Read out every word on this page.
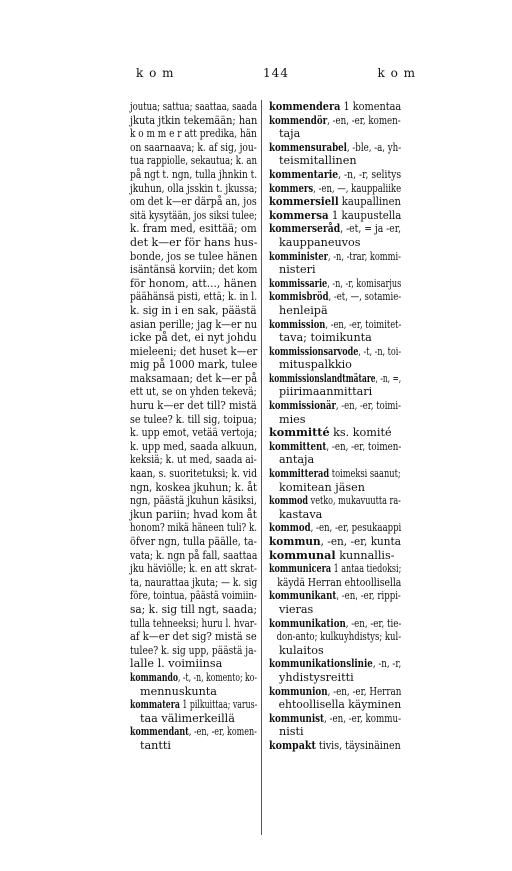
k o m	144	k o m
joutua; sattua; saattaa, saada
jkuta jtkin tekemään; han
k o m m e r att predika, hän
on saarnaava; k. af sig, jou-
tua rappiolle, sekautua; k. an
på ngt t. ngn, tulla jhnkin t.
jkuhun, olla jsskin t. jkussa;
om det k—er därpå an, jos
sitä kysytään, jos siksi tulee;
k. fram med, esittää; om
det k—er för hans hus-
bonde, jos se tulee hänen
isäntänsä korviin; det kom
för honom, att..., hänen
päähänsä pisti, että; k. in l.
k. sig in i en sak, päästä
asian perille; jag k—er nu
icke på det, ei nyt johdu
mieleeni; det huset k—er
mig på 1000 mark, tulee
maksamaan; det k—er på
ett ut, se on yhden tekevä;
huru k—er det till? mistä
se tulee? k. till sig, toipua;
k. upp emot, vetää vertoja;
k. upp med, saada alkuun,
keksiä; k. ut med, saada ai-
kaan, s. suoritetuksi; k. vid
ngn, koskea jkuhun; k. åt
ngn, päästä jkuhun käsiksi,
jkun pariin; hvad kom åt
honom? mikä häneen tuli? k.
öfver ngn, tulla päälle, ta-
vata; k. ngn på fall, saattaa
jku häviölle; k. en att skrat-
ta, naurattaa jkuta; — k. sig
före, tointua, päästä voimiin-
sa; k. sig till ngt, saada;
tulla tehneeksi; huru l. hvar-
af k—er det sig? mistä se
tulee? k. sig upp, päästä ja-
lalle l. voimiinsa
kommando, -t, -n, komento; ko-
mennuskunta
kommatera 1 pilkuittaa; varus-
taa välimerkeillä
kommendant, -en, -er, komen-
tantti
kommendera 1 komentaa
kommendör, -en, -er, komen-
taja
kommensurabel, -ble, -a, yh-
teismitallinen
kommentarie, -n, -r, selitys
kommers, -en, —, kauppaliike
kommersiell kaupallinen
kommersa 1 kaupustella
kommerseråd, -et, = ja -er,
kauppaneuvos
komminister, -n, -trar, kommi-
nisteri
kommissarie, -n, -r, komisarjus
kommisbröd, -et, —, sotamie-
henleipä
kommission, -en, -er, toimitet-
tava; toimikunta
kommissionsarvode, -t, -n, toi-
mituspalkkio
kommissionslandtmätare, -n, =,
piirimaanmittari
kommissionär, -en, -er, toimi-
mies
kommitté ks. komité
kommittent, -en, -er, toimen-
antaja
kommitterad toimeksi saanut;
komitean jäsen
kommod vetko, mukavuutta ra-
kastava
kommod, -en, -er, pesukaappi
kommun, -en, -er, kunta
kommunal kunnallis-
kommunicera 1 antaa tiedoksi;
käydä Herran ehtoollisella
kommunikant, -en, -er, rippi-
vieras
kommunikation, -en, -er, tie-
don-anto; kulkuyhdistys; kul-
kulaitos
kommunikationslinie, -n, -r,
yhdistysreitti
kommunion, -en, -er, Herran
ehtoollisella käyminen
kommunist, -en, -er, kommu-
nisti
kompakt tivis, täysinäinen
